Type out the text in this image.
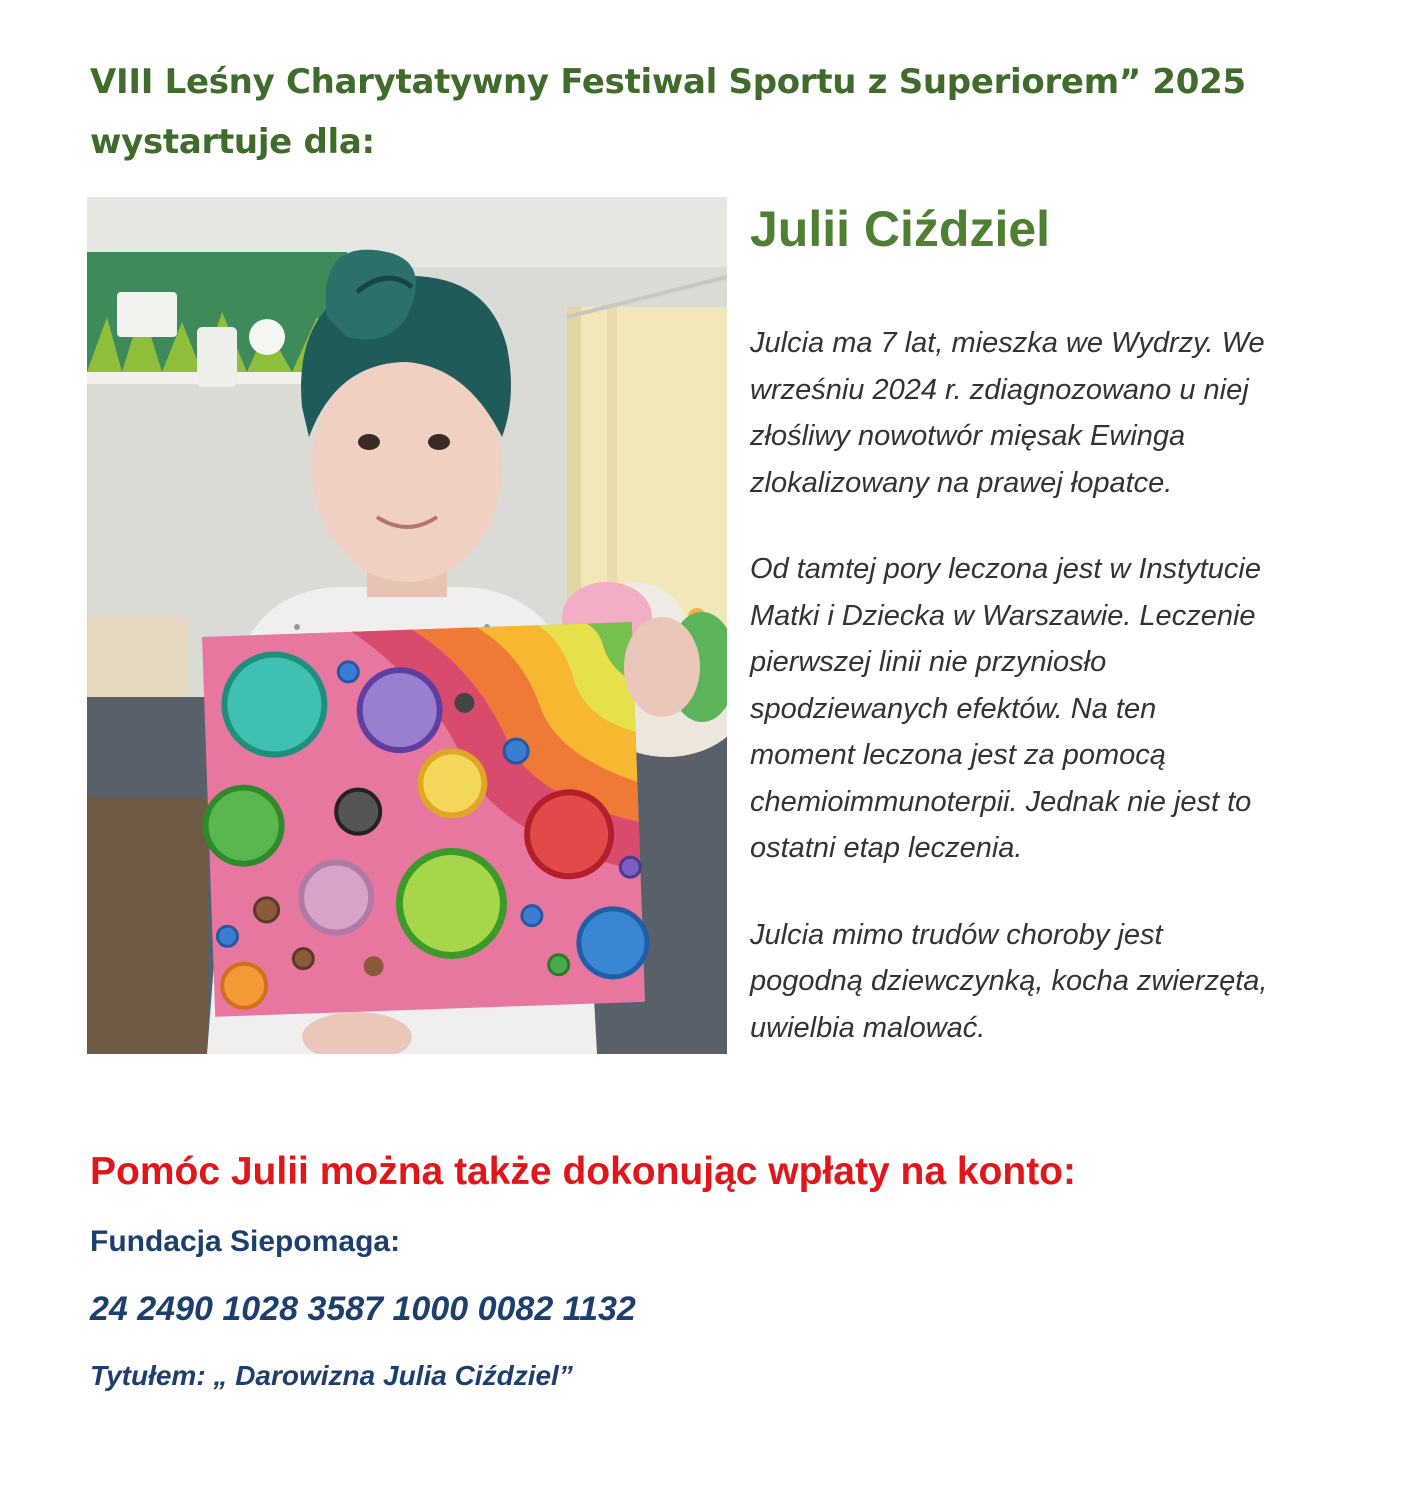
VIII Leśny Charytatywny Festiwal Sportu z Superiorem” 2025
wystartuje dla:
Julii Ciździel

Julcia ma 7 lat, mieszka we Wydrzy. We
wrześniu 2024 r. zdiagnozowano u niej
złośliwy nowotwór mięsak Ewinga
zlokalizowany na prawej łopatce.

Od tamtej pory leczona jest w Instytucie
Matki i Dziecka w Warszawie. Leczenie
pierwszej linii nie przyniosło
spodziewanych efektów. Na ten
moment leczona jest za pomocą
chemioimmunoterpii. Jednak nie jest to
ostatni etap leczenia.

Julcia mimo trudów choroby jest
pogodną dziewczynką, kocha zwierzęta,
uwielbia malować.

Pomóc Julii można także dokonując wpłaty na konto:
Fundacja Siepomaga:
24 2490 1028 3587 1000 0082 1132
Tytułem: „ Darowizna Julia Ciździel”
